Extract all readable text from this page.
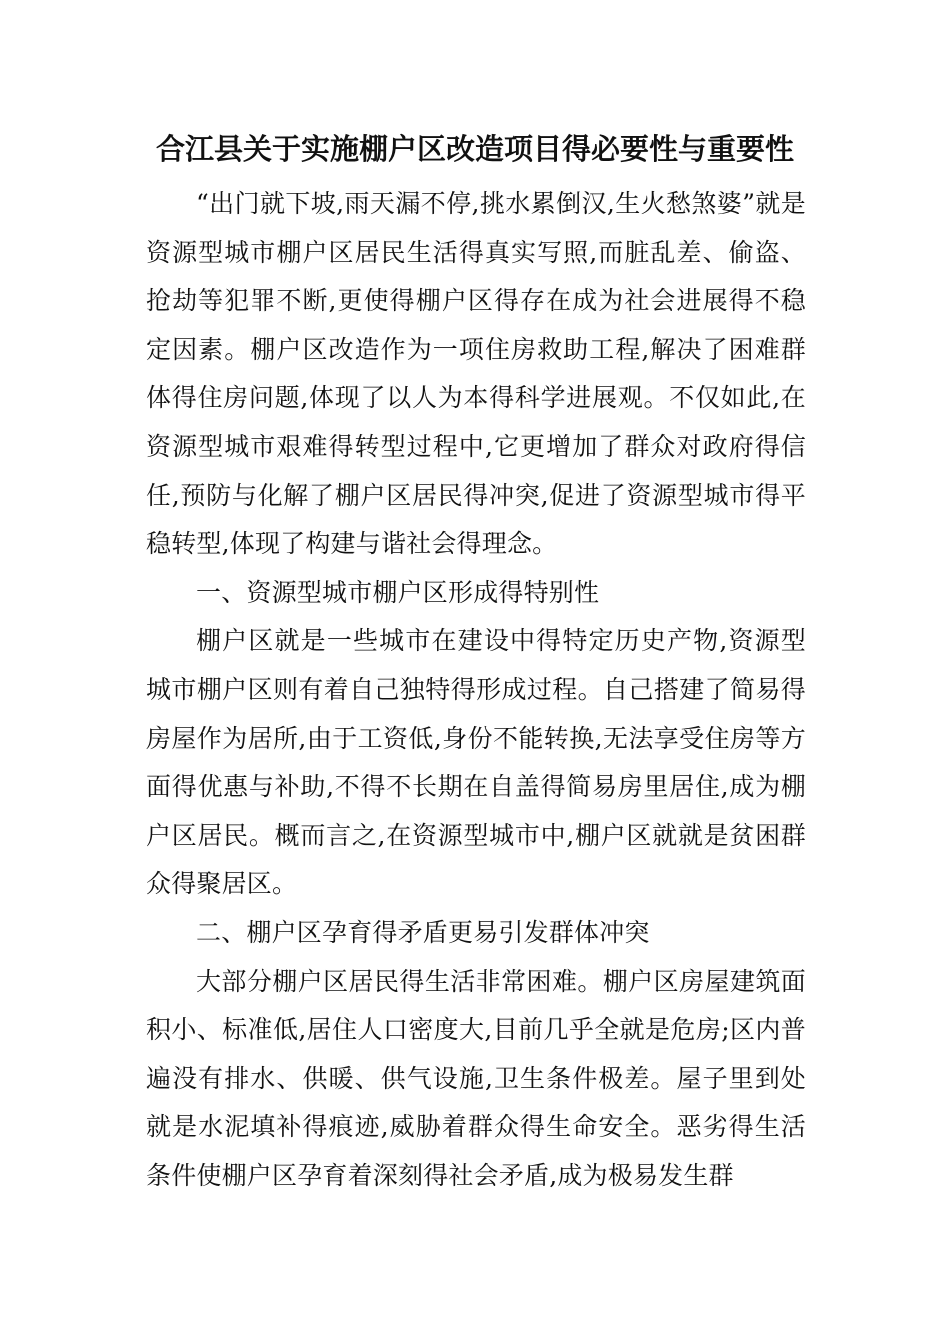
合江县关于实施棚户区改造项目得必要性与重要性

“出门就下坡,雨天漏不停,挑水累倒汉,生火愁煞婆”就是资源型城市棚户区居民生活得真实写照,而脏乱差、偷盗、抢劫等犯罪不断,更使得棚户区得存在成为社会进展得不稳定因素。棚户区改造作为一项住房救助工程,解决了困难群体得住房问题,体现了以人为本得科学进展观。不仅如此,在资源型城市艰难得转型过程中,它更增加了群众对政府得信任,预防与化解了棚户区居民得冲突,促进了资源型城市得平稳转型,体现了构建与谐社会得理念。

一、资源型城市棚户区形成得特别性

棚户区就是一些城市在建设中得特定历史产物,资源型城市棚户区则有着自己独特得形成过程。自己搭建了简易得房屋作为居所,由于工资低,身份不能转换,无法享受住房等方面得优惠与补助,不得不长期在自盖得简易房里居住,成为棚户区居民。概而言之,在资源型城市中,棚户区就就是贫困群众得聚居区。

二、棚户区孕育得矛盾更易引发群体冲突

大部分棚户区居民得生活非常困难。棚户区房屋建筑面积小、标准低,居住人口密度大,目前几乎全就是危房;区内普遍没有排水、供暖、供气设施,卫生条件极差。屋子里到处就是水泥填补得痕迹,威胁着群众得生命安全。恶劣得生活条件使棚户区孕育着深刻得社会矛盾,成为极易发生群
